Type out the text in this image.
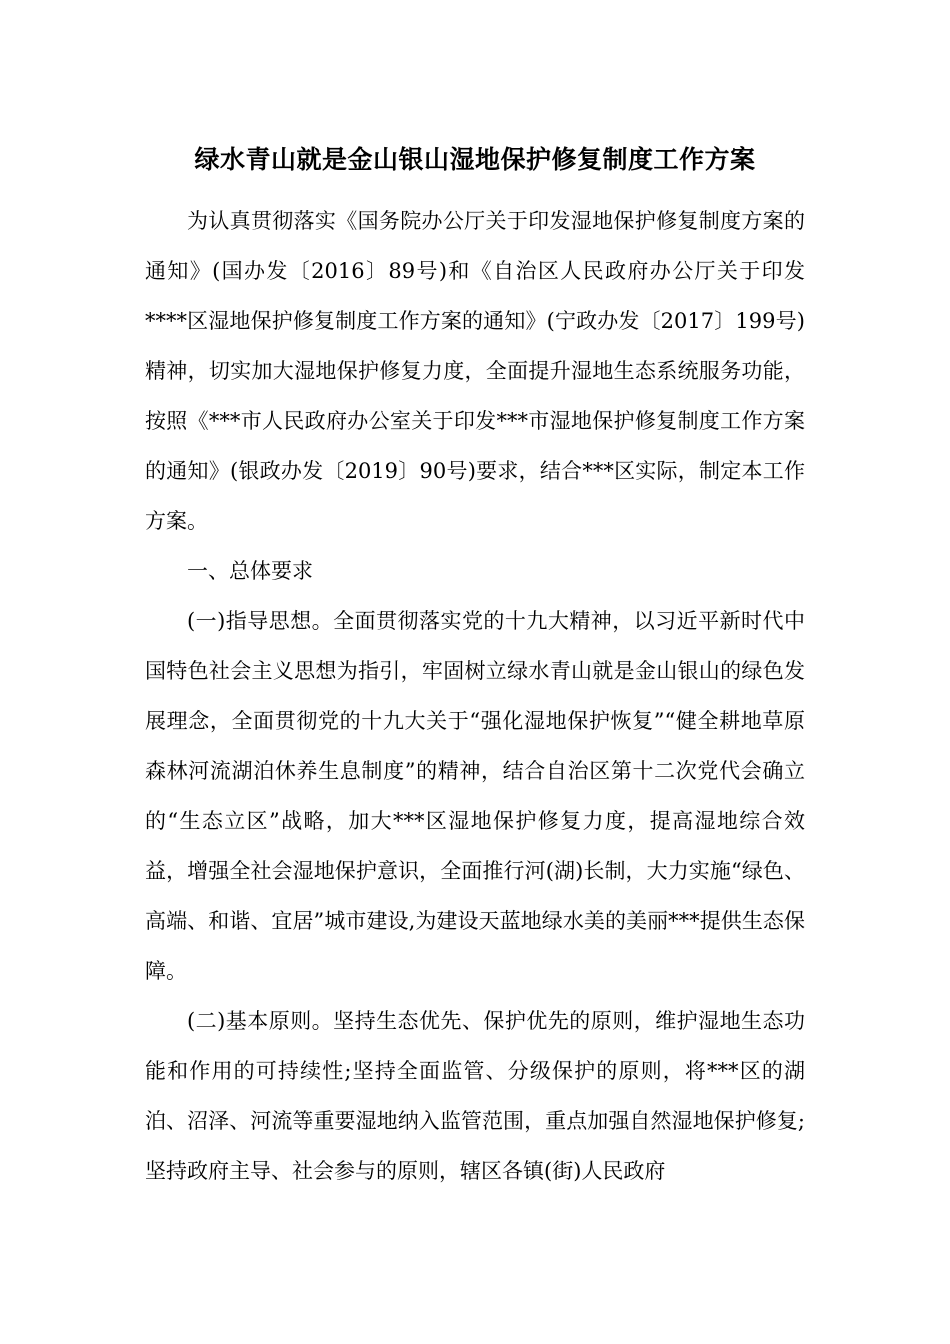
绿水青山就是金山银山湿地保护修复制度工作方案

为认真贯彻落实《国务院办公厅关于印发湿地保护修复制度方案的通知》(国办发〔2016〕89号)和《自治区人民政府办公厅关于印发****区湿地保护修复制度工作方案的通知》(宁政办发〔2017〕199号)精神，切实加大湿地保护修复力度，全面提升湿地生态系统服务功能，按照《***市人民政府办公室关于印发***市湿地保护修复制度工作方案的通知》(银政办发〔2019〕90号)要求，结合***区实际，制定本工作方案。

一、总体要求

(一)指导思想。全面贯彻落实党的十九大精神，以习近平新时代中国特色社会主义思想为指引，牢固树立绿水青山就是金山银山的绿色发展理念，全面贯彻党的十九大关于“强化湿地保护恢复”“健全耕地草原森林河流湖泊休养生息制度”的精神，结合自治区第十二次党代会确立的“生态立区”战略，加大***区湿地保护修复力度，提高湿地综合效益，增强全社会湿地保护意识，全面推行河(湖)长制，大力实施“绿色、高端、和谐、宜居”城市建设,为建设天蓝地绿水美的美丽***提供生态保障。

(二)基本原则。坚持生态优先、保护优先的原则，维护湿地生态功能和作用的可持续性;坚持全面监管、分级保护的原则，将***区的湖泊、沼泽、河流等重要湿地纳入监管范围，重点加强自然湿地保护修复;坚持政府主导、社会参与的原则，辖区各镇(街)人民政府
